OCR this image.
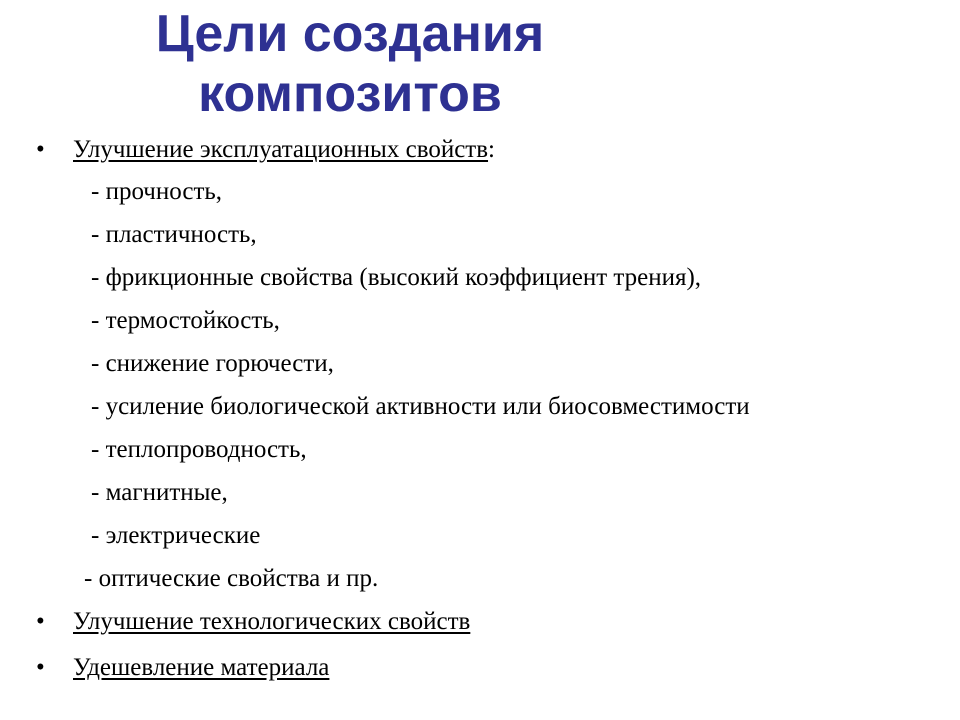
Цели создания
композитов
•	Улучшение эксплуатационных свойств:
- прочность,
- пластичность,
- фрикционные свойства (высокий коэффициент трения),
- термостойкость,
- снижение горючести,
- усиление биологической активности или биосовместимости
- теплопроводность,
- магнитные,
- электрические
- оптические свойства и пр.
•	Улучшение технологических свойств
•	Удешевление материала
